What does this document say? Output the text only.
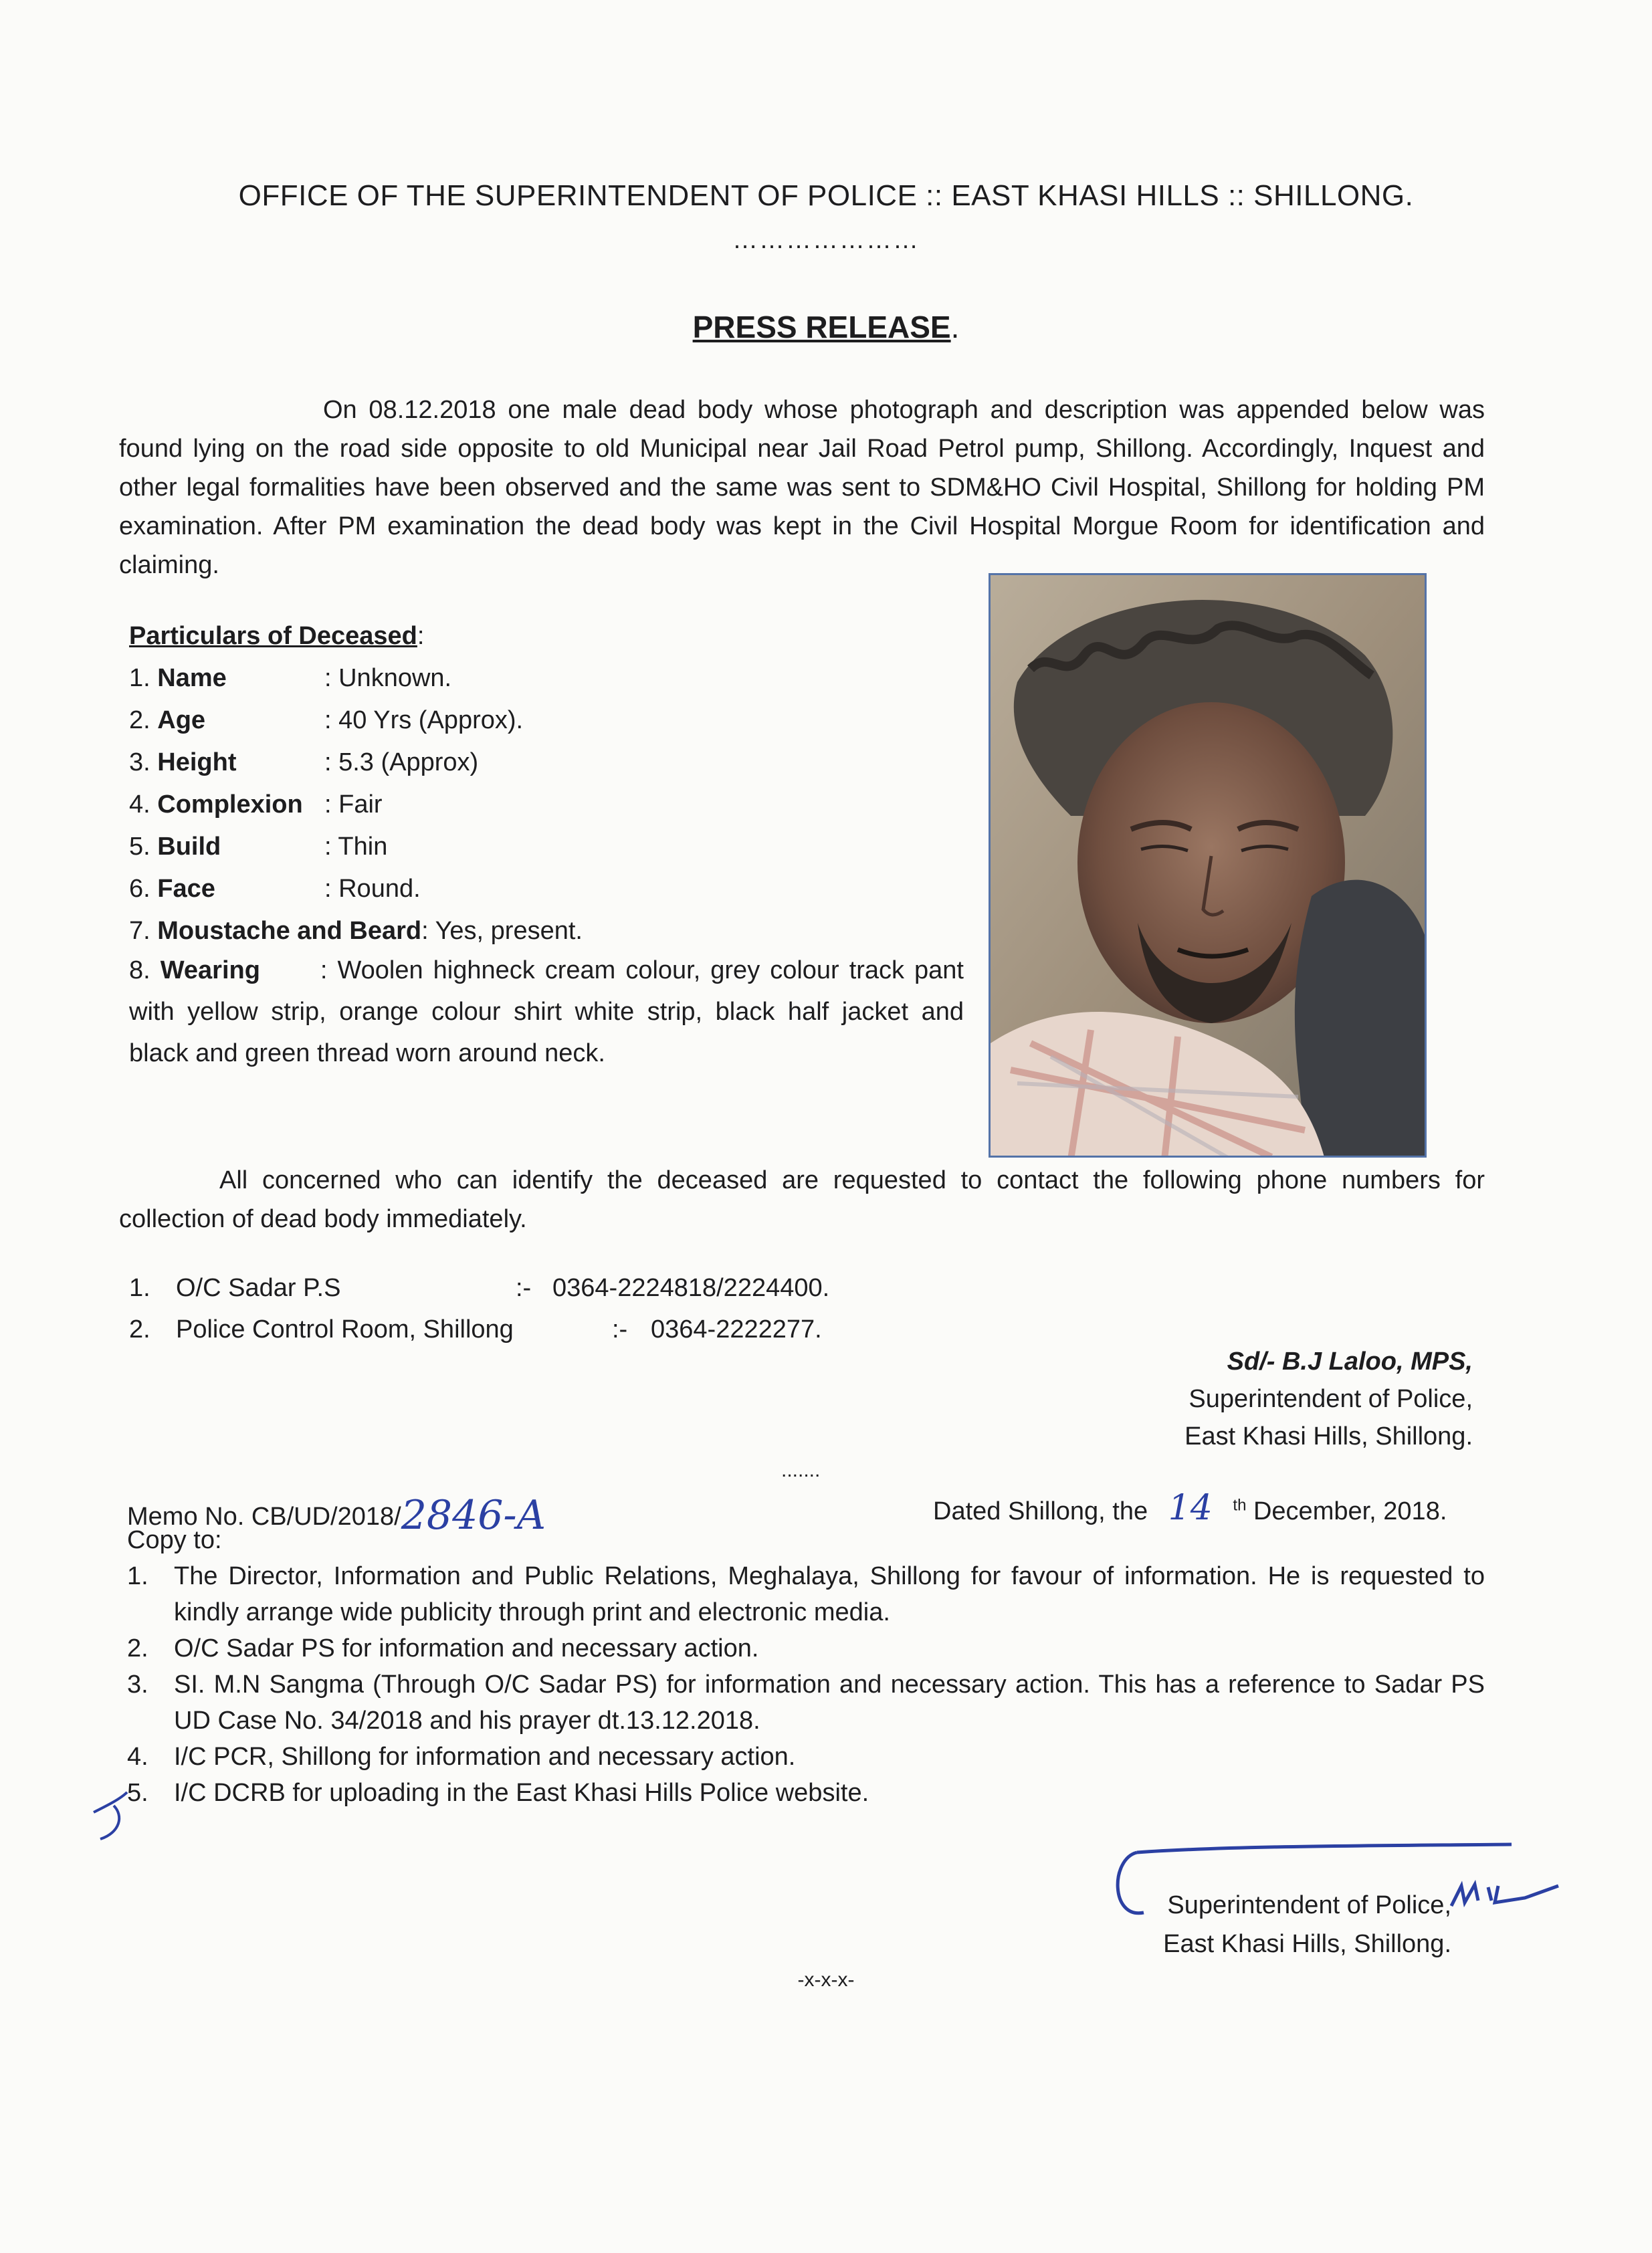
OFFICE OF THE SUPERINTENDENT OF POLICE :: EAST KHASI HILLS :: SHILLONG.
…………………
PRESS RELEASE.

On 08.12.2018 one male dead body whose photograph and description was appended below was found lying on the road side opposite to old Municipal near Jail Road Petrol pump, Shillong. Accordingly, Inquest and other legal formalities have been observed and the same was sent to SDM&HO Civil Hospital, Shillong for holding PM examination. After PM examination the dead body was kept in the Civil Hospital Morgue Room for identification and claiming.

Particulars of Deceased:
1. Name	: Unknown.
2. Age	: 40 Yrs (Approx).
3. Height	: 5.3 (Approx)
4. Complexion : Fair
5. Build	: Thin
6. Face	: Round.
7. Moustache and Beard: Yes, present.

8. Wearing : Woolen highneck cream colour, grey colour track pant with yellow strip, orange colour shirt white strip, black half jacket and black and green thread worn around neck.

All concerned who can identify the deceased are requested to contact the following phone numbers for collection of dead body immediately.

1. O/C Sadar P.S	:- 0364-2224818/2224400.
2. Police Control Room, Shillong	:- 0364-2222277.
Sd/- B.J Laloo, MPS,
Superintendent of Police,
East Khasi Hills, Shillong.
.......
Memo No. CB/UD/2018/2846-A	Dated Shillong, the 14 $^{th}$ December, 2018.
Copy to:
1. The Director, Information and Public Relations, Meghalaya, Shillong for favour of information. He is requested to kindly arrange wide publicity through print and electronic media.
2. O/C Sadar PS for information and necessary action.
3. SI. M.N Sangma (Through O/C Sadar PS) for information and necessary action. This has a reference to Sadar PS UD Case No. 34/2018 and his prayer dt.13.12.2018.
4. I/C PCR, Shillong for information and necessary action.
5. I/C DCRB for uploading in the East Khasi Hills Police website.
Superintendent of Police,
East Khasi Hills, Shillong.
-x-x-x-
